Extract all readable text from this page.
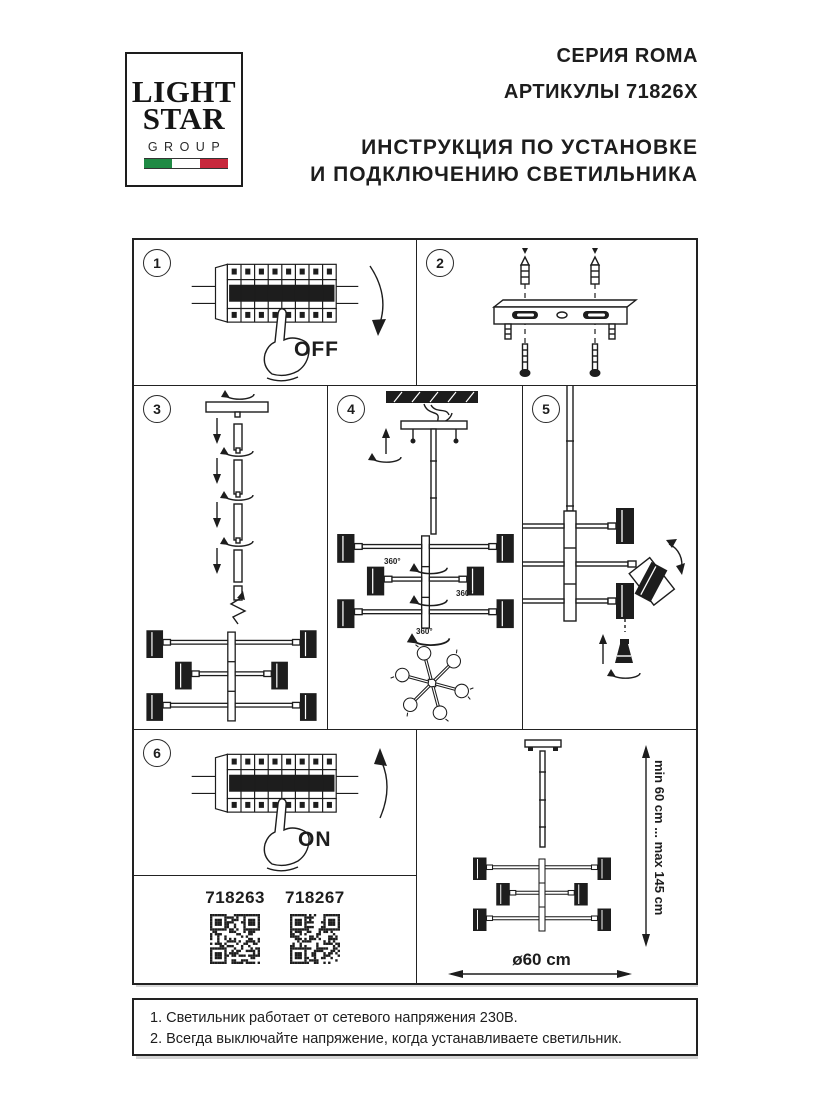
LIGHT
STAR
GROUP
СЕРИЯ ROMA
АРТИКУЛЫ 71826X
ИНСТРУКЦИЯ ПО УСТАНОВКЕ
И ПОДКЛЮЧЕНИЮ СВЕТИЛЬНИКА
1
OFF
2
3	4
360°
360°
360°
5
6
ON
718263 718267	min 60 cm ... max 145 cm
ø60 cm
1. Светильник работает от сетевого напряжения 230В.
2. Всегда выключайте напряжение, когда устанавливаете светильник.
